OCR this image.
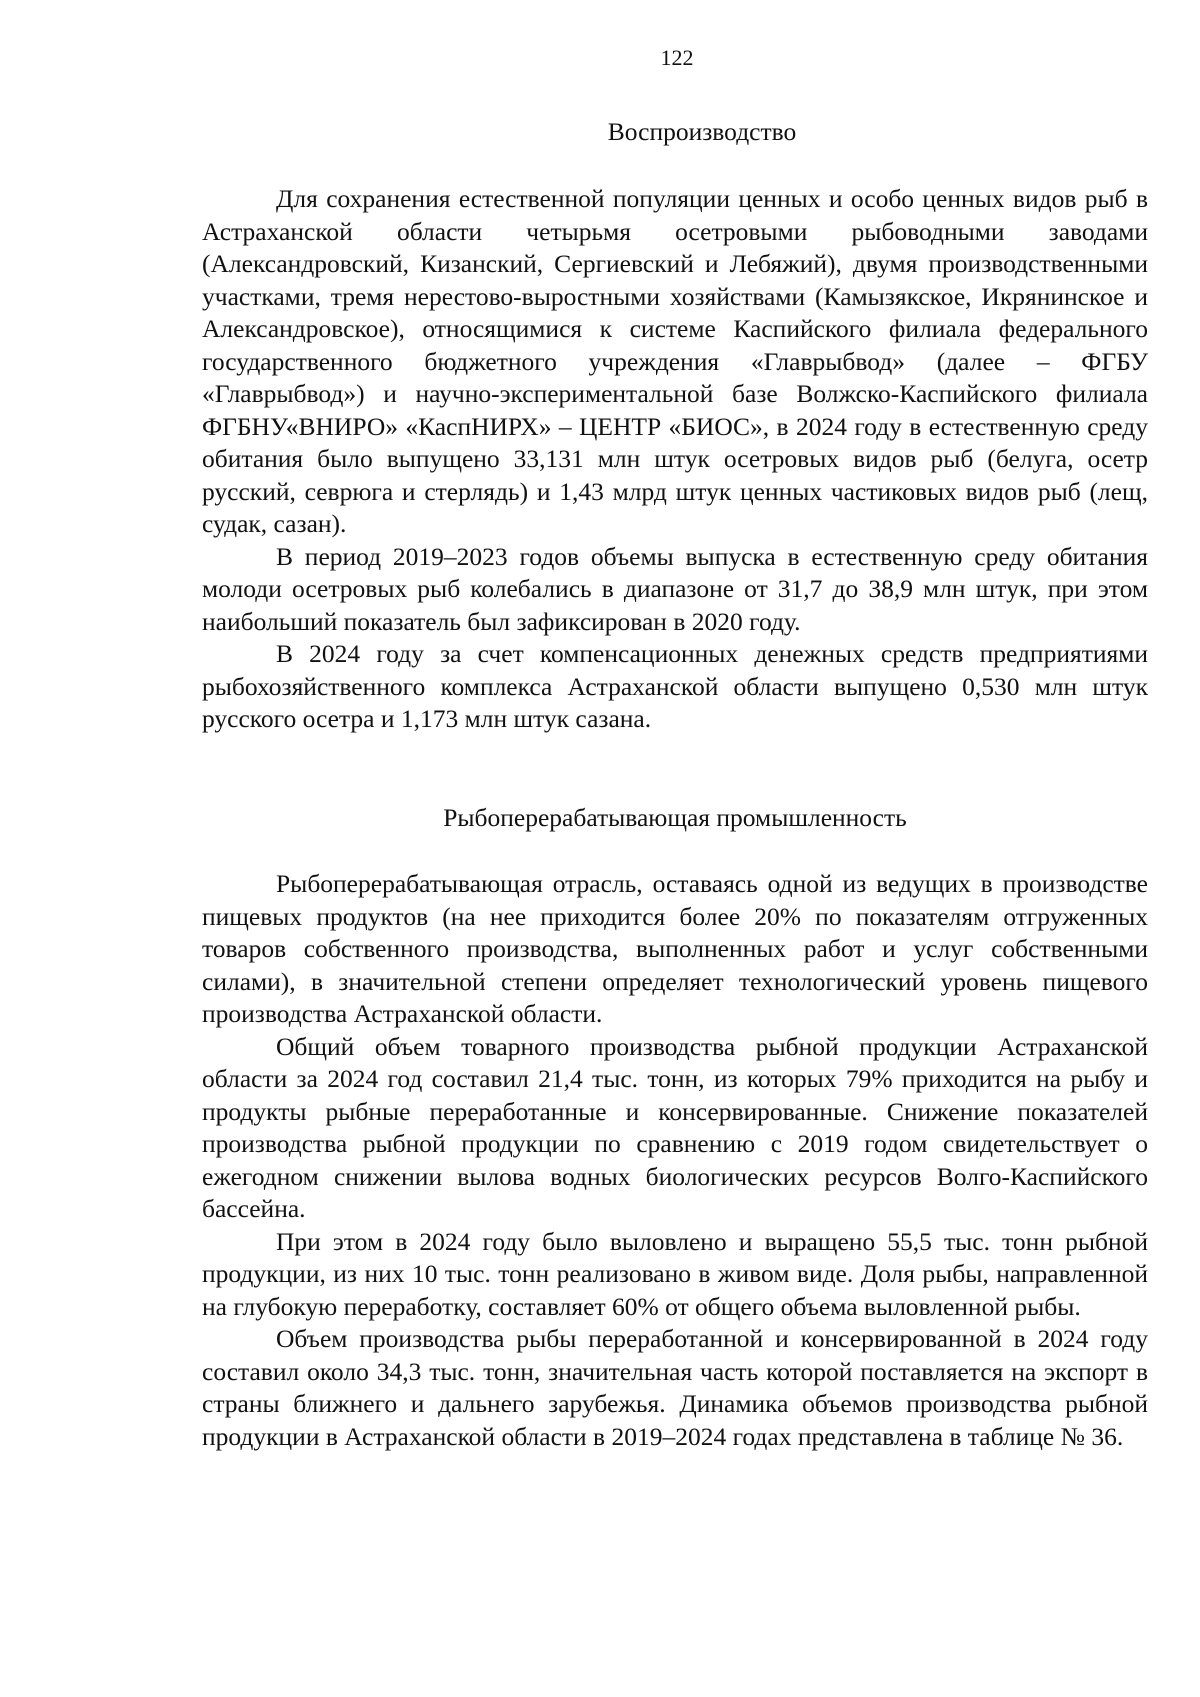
122
Воспроизводство

Для сохранения естественной популяции ценных и особо ценных видов рыб в Астраханской области четырьмя осетровыми рыбоводными заводами (Александровский, Кизанский, Сергиевский и Лебяжий), двумя производственными участками, тремя нерестово-выростными хозяйствами (Камызякское, Икрянинское и Александровское), относящимися к системе Каспийского филиала федерального государственного бюджетного учреждения «Главрыбвод» (далее – ФГБУ «Главрыбвод») и научно-экспериментальной базе Волжско-Каспийского филиала ФГБНУ«ВНИРО» «КаспНИРХ» – ЦЕНТР «БИОС», в 2024 году в естественную среду обитания было выпущено 33,131 млн штук осетровых видов рыб (белуга, осетр русский, севрюга и стерлядь) и 1,43 млрд штук ценных частиковых видов рыб (лещ, судак, сазан).

В период 2019–2023 годов объемы выпуска в естественную среду обитания молоди осетровых рыб колебались в диапазоне от 31,7 до 38,9 млн штук, при этом наибольший показатель был зафиксирован в 2020 году.

В 2024 году за счет компенсационных денежных средств предприятиями рыбохозяйственного комплекса Астраханской области выпущено 0,530 млн штук русского осетра и 1,173 млн штук сазана.

Рыбоперерабатывающая промышленность

Рыбоперерабатывающая отрасль, оставаясь одной из ведущих в производстве пищевых продуктов (на нее приходится более 20% по показателям отгруженных товаров собственного производства, выполненных работ и услуг собственными силами), в значительной степени определяет технологический уровень пищевого производства Астраханской области.

Общий объем товарного производства рыбной продукции Астраханской области за 2024 год составил 21,4 тыс. тонн, из которых 79% приходится на рыбу и продукты рыбные переработанные и консервированные. Снижение показателей производства рыбной продукции по сравнению с 2019 годом свидетельствует о ежегодном снижении вылова водных биологических ресурсов Волго-Каспийского бассейна.

При этом в 2024 году было выловлено и выращено 55,5 тыс. тонн рыбной продукции, из них 10 тыс. тонн реализовано в живом виде. Доля рыбы, направленной на глубокую переработку, составляет 60% от общего объема выловленной рыбы.

Объем производства рыбы переработанной и консервированной в 2024 году составил около 34,3 тыс. тонн, значительная часть которой поставляется на экспорт в страны ближнего и дальнего зарубежья. Динамика объемов производства рыбной продукции в Астраханской области в 2019–2024 годах представлена в таблице № 36.
